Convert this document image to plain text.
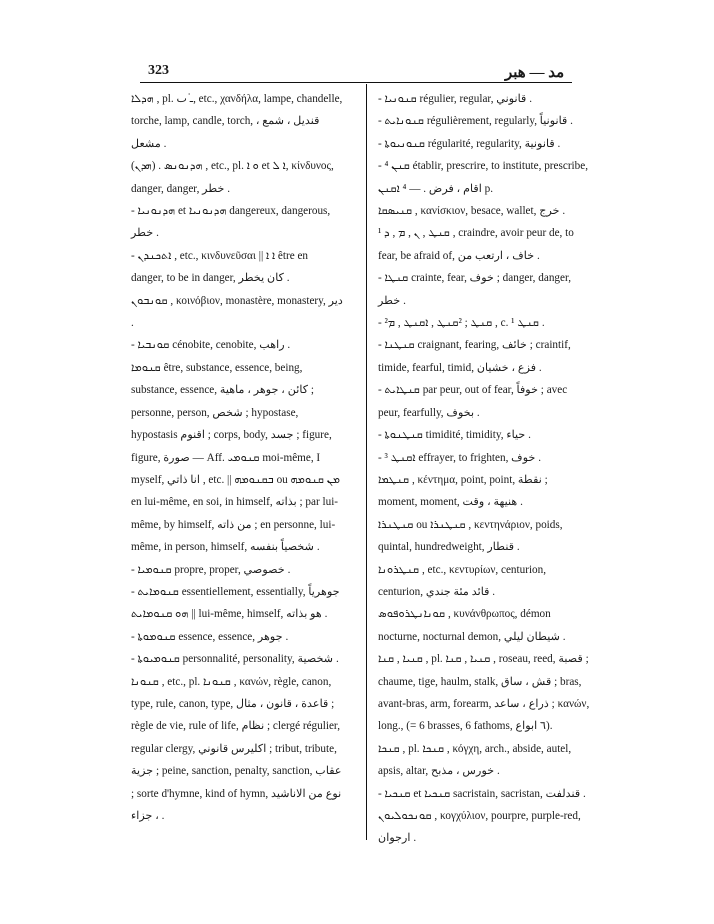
323	مد — هبر

ܗܕܠܐ , pl. ـ͘ ٮ, etc., χανδήλα, lampe, chandelle, torche, lamp, candle, torch, قنديل ، شمع ، مشعل .

(ܗܕܢ) . ܗܕܢܘܢܣ , etc., pl. ܘ ܐ et ܐ ܠ, κίνδυνος, danger, danger, خطر .

- ܗܕܢܘܢܝܐ et ܗܕܢܘܢܝܐ dangereux, dangerous, خطر .

- ܐܬܟܢܕܢ , etc., κινδυνεῦσαι || ܐ ܐ être en danger, to be in danger, كان يخطر .

ܩܘܢܒܘܢ , κοινόβιον, monastère, monastery, دير .

- ܩܘܢܒܝܐ cénobite, cenobite, راهب .

ܩܢܘܡܐ être, substance, essence, being, substance, essence, كائن ، جوهر ، ماهية ; personne, person, شخص ; hypostase, hypostasis اقنوم ; corps, body, جسد ; figure, figure, صورة — Aff. ܩܢܘܡܝ moi-même, I myself, انا ذاتي , etc. || ܒܩܢܘܡܗ ou ܡܢ ܩܢܘܡܗ en lui-même, en soi, in himself, بذاته ; par lui-même, by himself, من ذاته ; en personne, lui-même, in person, himself, شخصياً بنفسه .

- ܩܢܘܡܝܐ propre, proper, خصوصي .

- ܩܢܘܡܐܝܬ essentiellement, essentially, جوهرياً || ܗܘ ܩܢܘܡܐܝܬ lui-même, himself, هو بذاته .

- ܩܢܘܡܘܬܐ essence, essence, جوهر .

- ܩܢܘܡܝܘܬܐ personnalité, personality, شخصية .

ܩܢܘܢܐ , etc., pl. ܩܢܘܢܐ , κανών, règle, canon, type, rule, canon, type, قاعدة ، قانون ، مثال ; règle de vie, rule of life, نظام ; clergé régulier, regular clergy, اكليرس قانوني ; tribut, tribute, جزية ; peine, sanction, penalty, sanction, عقاب ; sorte d'hymne, kind of hymn, نوع من الاناشيد ، جزاء .

- ܩܢܘܢܝܐ régulier, regular, قانوني .

- ܩܢܘܢܐܝܬ régulièrement, regularly, قانونياً .

- ܩܢܘܢܝܘܬܐ régularité, regularity, قانونية .

- ⁴ ܩܢܢ établir, prescrire, to institute, prescribe, اقام ، فرض . — ⁴ ܐܩܢܢ p.

ܩܢܝܣܩܐ , κανίσκιον, besace, wallet, خرج .

¹ ܩܢܛ , ܢ , ܡ , ܕ , craindre, avoir peur de, to fear, be afraid of, خاف ، ارتعب من .

- ܩܢܛܐ crainte, fear, خوف ; danger, danger, خطر .

- ²ܩܢܛ ; ²ܩܢܛ , ܐܩܢܛ , ܡ , c. ¹ ܩܢܛ .

- ܩܢܛܢܐ craignant, fearing, خائف ; craintif, timide, fearful, timid, فزع ، خشيان .

- ܩܢܛܐܝܬ par peur, out of fear, خوفاً ; avec peur, fearfully, بخوف .

- ܩܢܛܢܘܬܐ timidité, timidity, حياء .

- ³ ܐܩܢܛ effrayer, to frighten, خوف .

ܩܢܛܡܐ , κέντημα, point, point, نقطة ; moment, moment, هنيهة ، وقت .

ܩܢܛܢܪܐ ou ܩܢܛܢܪܐ , κεντηνάριον, poids, quintal, hundredweight, قنطار .

ܩܢܛܪܘܢܐ , etc., κεντυρίων, centurion, centurion, قائد مئة جندي .

ܩܘܢܐܢܛܪܘܦܘܣ , κυνάνθρωπος, démon nocturne, nocturnal demon, شيطان ليلي .

ܩܢܝܐ , ܩܢܐ , pl. ܩܢܝܐ , ܩܢܐ , roseau, reed, قصبة ; chaume, tige, haulm, stalk, قش ، ساق ; bras, avant-bras, arm, forearm, ذراع ، ساعد ; κανών, long., (= 6 brasses, 6 fathoms, ٦ ابواع).

ܩܢܟܐ , pl. ܩܢܟܐ , κόγχη, arch., abside, autel, apsis, altar, خورس ، مذبح .

- ܩܢܟܝܐ et ܩܢܟܝܐ sacristain, sacristan, قندلفت .

ܩܘܢܟܘܠܝܘܢ , κογχύλιον, pourpre, purple-red, ارجوان .
